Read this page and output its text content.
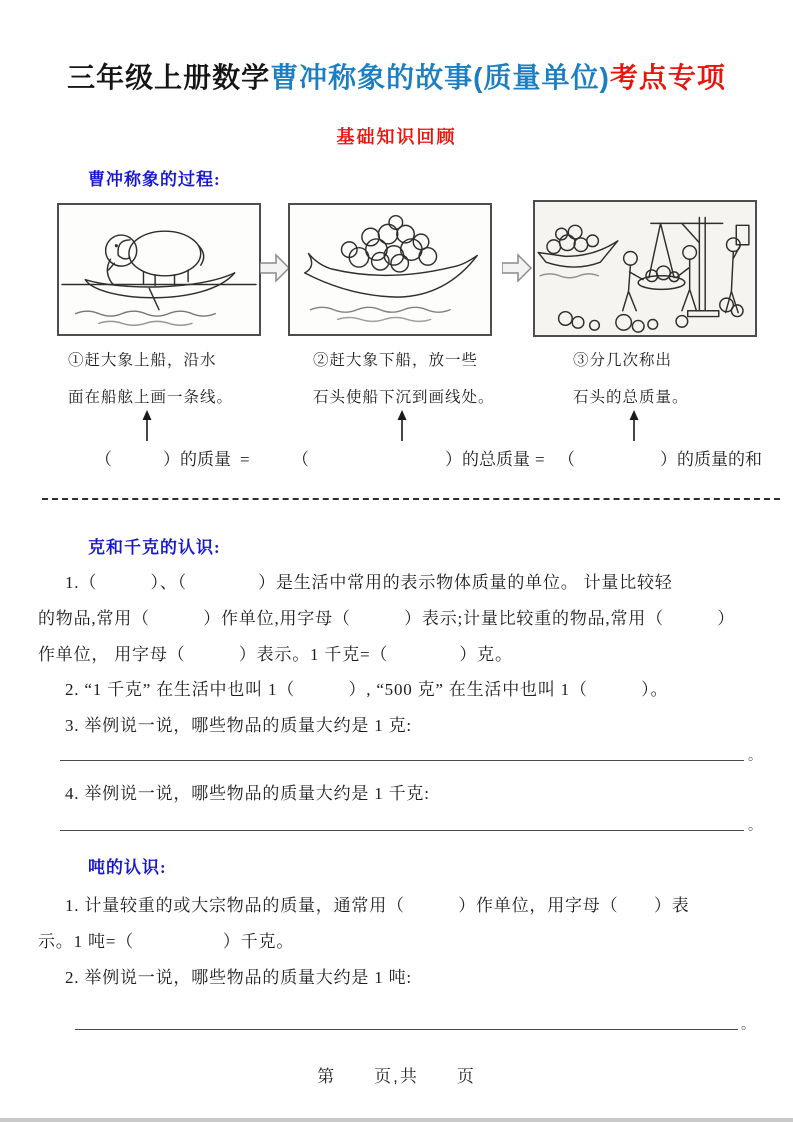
三年级上册数学曹冲称象的故事(质量单位)考点专项
基础知识回顾
曹冲称象的过程:
①赶大象上船，沿水
面在船舷上画一条线。
②赶大象下船，放一些
石头使船下沉到画线处。
③分几次称出
石头的总质量。
（　　　）的质量 = （　　　　　　　　）的总质量 = （　　　　　）的质量的和
克和千克的认识:
1.（　　　）、（　　　　）是生活中常用的表示物体质量的单位。 计量比较轻
的物品,常用（　　　）作单位,用字母（　　　）表示;计量比较重的物品,常用（　　　）
作单位， 用字母（　　　）表示。1 千克=（　　　　）克。
2. “1 千克” 在生活中也叫 1（　　　）, “500 克” 在生活中也叫 1（　　　）。
3. 举例说一说，哪些物品的质量大约是 1 克:
。
4. 举例说一说，哪些物品的质量大约是 1 千克:
。
吨的认识:
1. 计量较重的或大宗物品的质量，通常用（　　　）作单位，用字母（　　）表
示。1 吨=（　　　　　）千克。
2. 举例说一说，哪些物品的质量大约是 1 吨:
。
第　　页,共　　页
